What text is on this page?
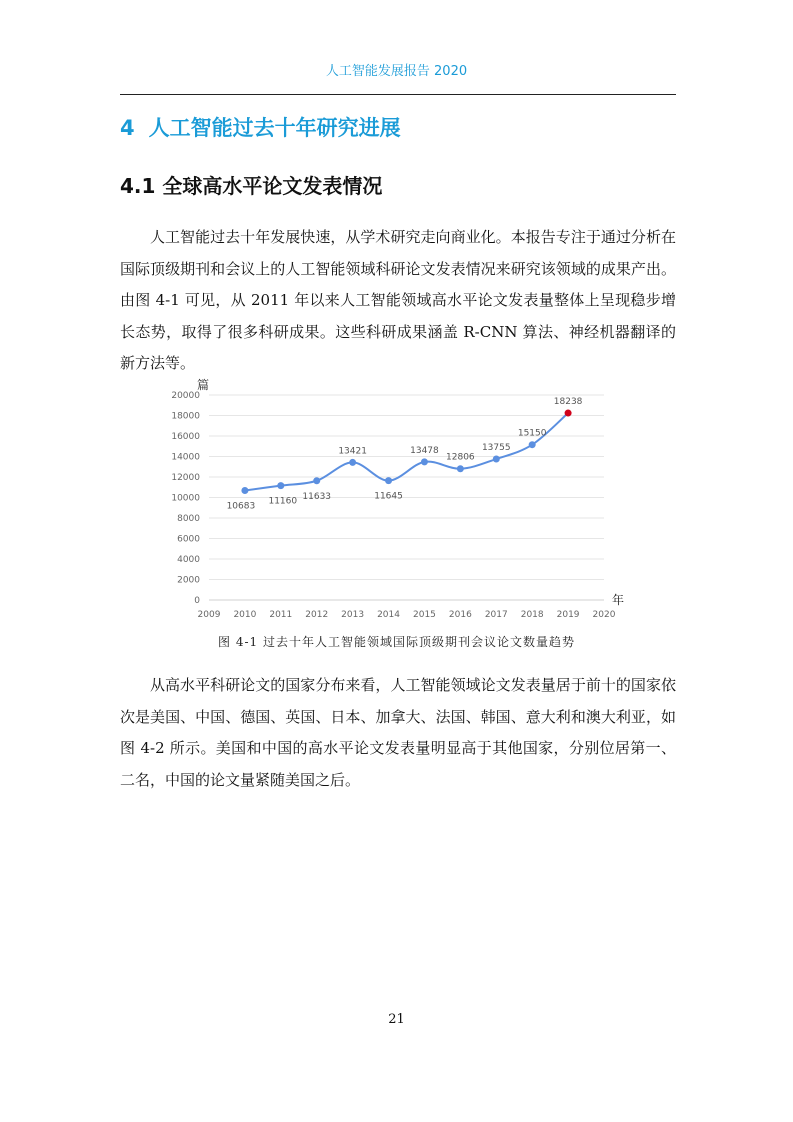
人工智能发展报告 2020
4 人工智能过去十年研究进展
4.1 全球高水平论文发表情况

人工智能过去十年发展快速，从学术研究走向商业化。本报告专注于通过分析在国际顶级期刊和会议上的人工智能领域科研论文发表情况来研究该领域的成果产出。由图 4-1 可见，从 2011 年以来人工智能领域高水平论文发表量整体上呈现稳步增长态势，取得了很多科研成果。这些科研成果涵盖 R-CNN 算法、神经机器翻译的新方法等。

0
2000
4000
6000
8000
10000
12000
14000
16000
18000
20000
2009 2010 2011 2012 2013 2014 2015 2016 2017 2018 2019 2020
篇
年
10683 11160 11633
13421
11645
13478
12806
13755
15150
18238
图 4-1 过去十年人工智能领域国际顶级期刊会议论文数量趋势

从高水平科研论文的国家分布来看，人工智能领域论文发表量居于前十的国家依次是美国、中国、德国、英国、日本、加拿大、法国、韩国、意大利和澳大利亚，如图 4-2 所示。美国和中国的高水平论文发表量明显高于其他国家，分别位居第一、二名，中国的论文量紧随美国之后。

21
